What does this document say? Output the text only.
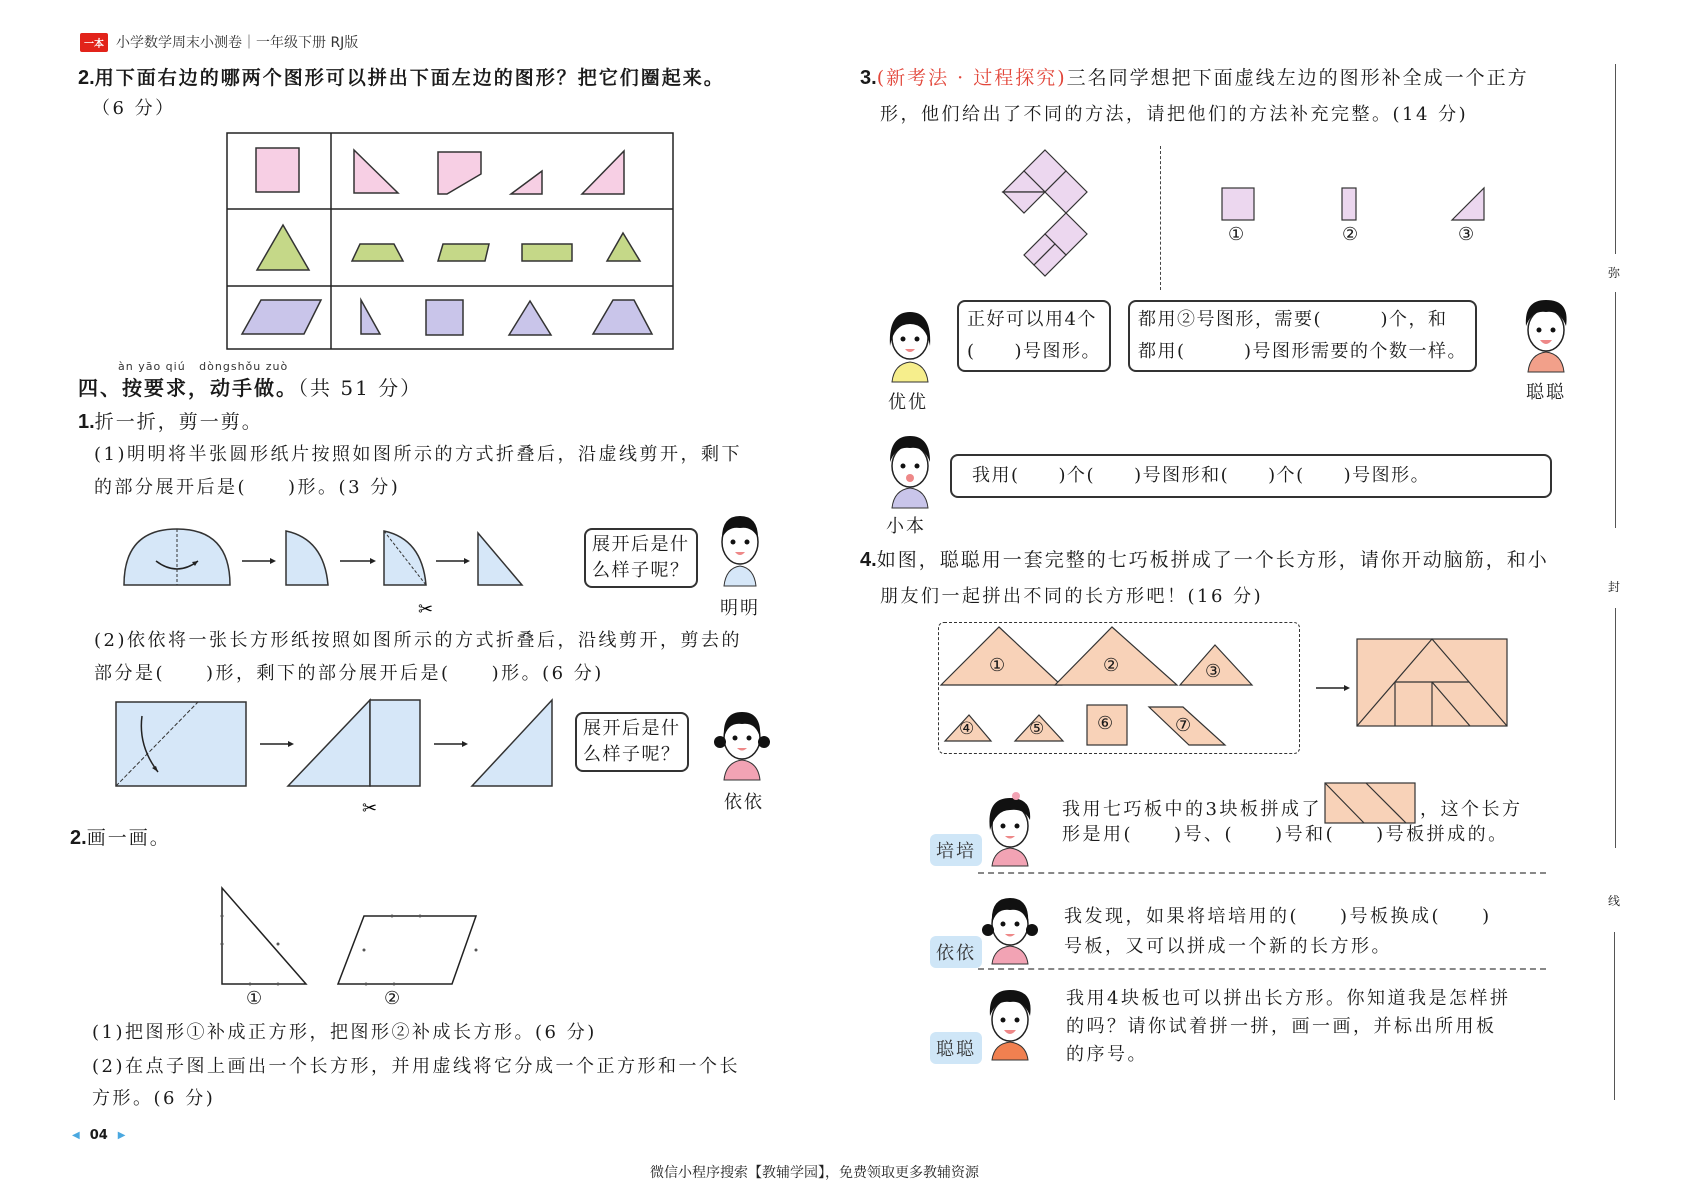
一本 小学数学周末小测卷｜一年级下册 RJ版
2.用下面右边的哪两个图形可以拼出下面左边的图形？把它们圈起来。
（6 分）
àn yāo qiú   dòngshǒu zuò
四、按要求，动手做。（共 51 分）
1.折一折，剪一剪。
(1)明明将半张圆形纸片按照如图所示的方式折叠后，沿虚线剪开，剩下
的部分展开后是(　　)形。(3 分)
✂
展开后是什
么样子呢？
明明
(2)依依将一张长方形纸按照如图所示的方式折叠后，沿线剪开，剪去的
部分是(　　)形，剩下的部分展开后是(　　)形。(6 分)
✂
展开后是什
么样子呢？
依依
2.画一画。
①	②
(1)把图形①补成正方形，把图形②补成长方形。(6 分)
(2)在点子图上画出一个长方形，并用虚线将它分成一个正方形和一个长
方形。(6 分)
◀ 04 ▶
3.(新考法 · 过程探究)三名同学想把下面虚线左边的图形补全成一个正方
形，他们给出了不同的方法，请把他们的方法补充完整。(14 分)
①	②	③
优优
正好可以用4个
(　　)号图形。
都用②号图形，需要(　　　)个，和
都用(　　　)号图形需要的个数一样。
聪聪
小本
我用(　　)个(　　)号图形和(　　)个(　　)号图形。
4.如图，聪聪用一套完整的七巧板拼成了一个长方形，请你开动脑筋，和小
朋友们一起拼出不同的长方形吧！(16 分)
①	②	③
④	⑤	⑥	⑦
培培
我用七巧板中的3块板拼成了	，这个长方
形是用(　　)号、(　　)号和(　　)号板拼成的。
依依
我发现，如果将培培用的(　　)号板换成(　　)
号板，又可以拼成一个新的长方形。
聪聪
我用4块板也可以拼出长方形。你知道我是怎样拼
的吗？请你试着拼一拼，画一画，并标出所用板
的序号。
弥
封
线
微信小程序搜索【教辅学园】，免费领取更多教辅资源
